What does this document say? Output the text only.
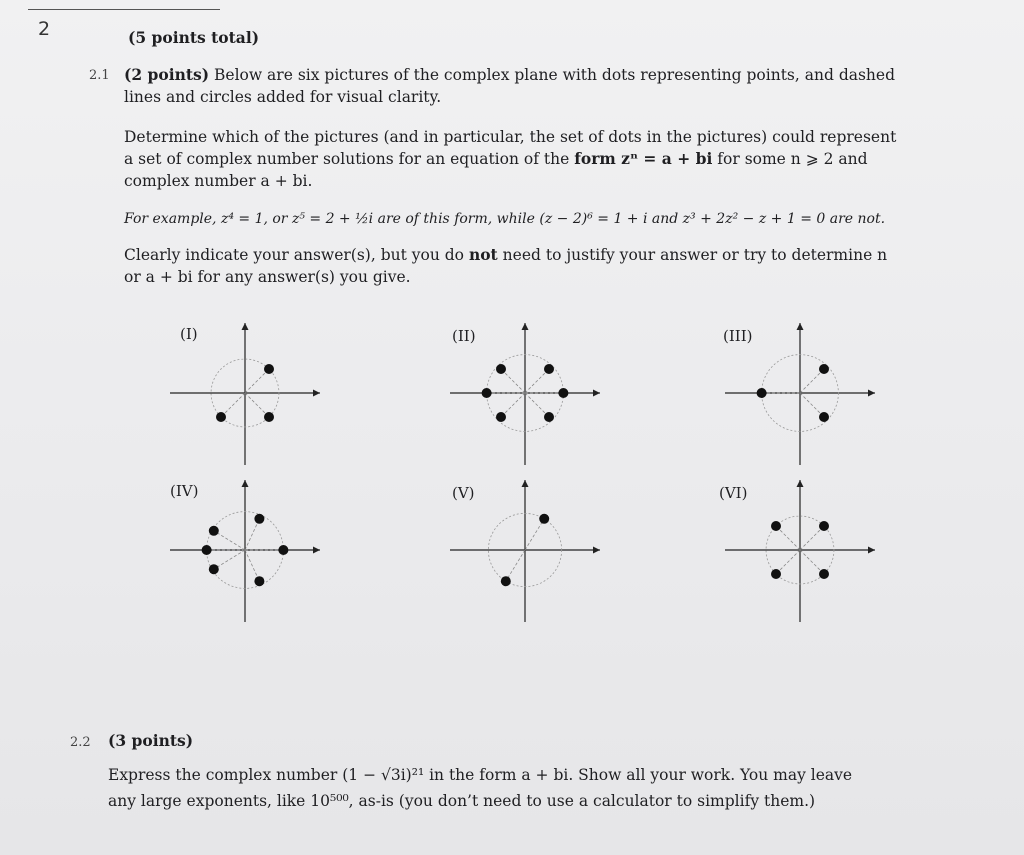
2	(5 points total)
2.1 (2 points) Below are six pictures of the complex plane with dots representing points, and dashed
lines and circles added for visual clarity.
Determine which of the pictures (and in particular, the set of dots in the pictures) could represent
a set of complex number solutions for an equation of the form zⁿ = a + bi for some n ⩾ 2 and
complex number a + bi.
For example, z⁴ = 1, or z⁵ = 2 + ½i are of this form, while (z − 2)⁶ = 1 + i and z³ + 2z² − z + 1 = 0 are not.
Clearly indicate your answer(s), but you do not need to justify your answer or try to determine n
or a + bi for any answer(s) you give.
(I)	(II)	(III)
(IV)	(V)	(VI)
2.2 (3 points)
Express the complex number (1 − √3i)²¹ in the form a + bi. Show all your work. You may leave
any large exponents, like 10⁵⁰⁰, as-is (you don’t need to use a calculator to simplify them.)
